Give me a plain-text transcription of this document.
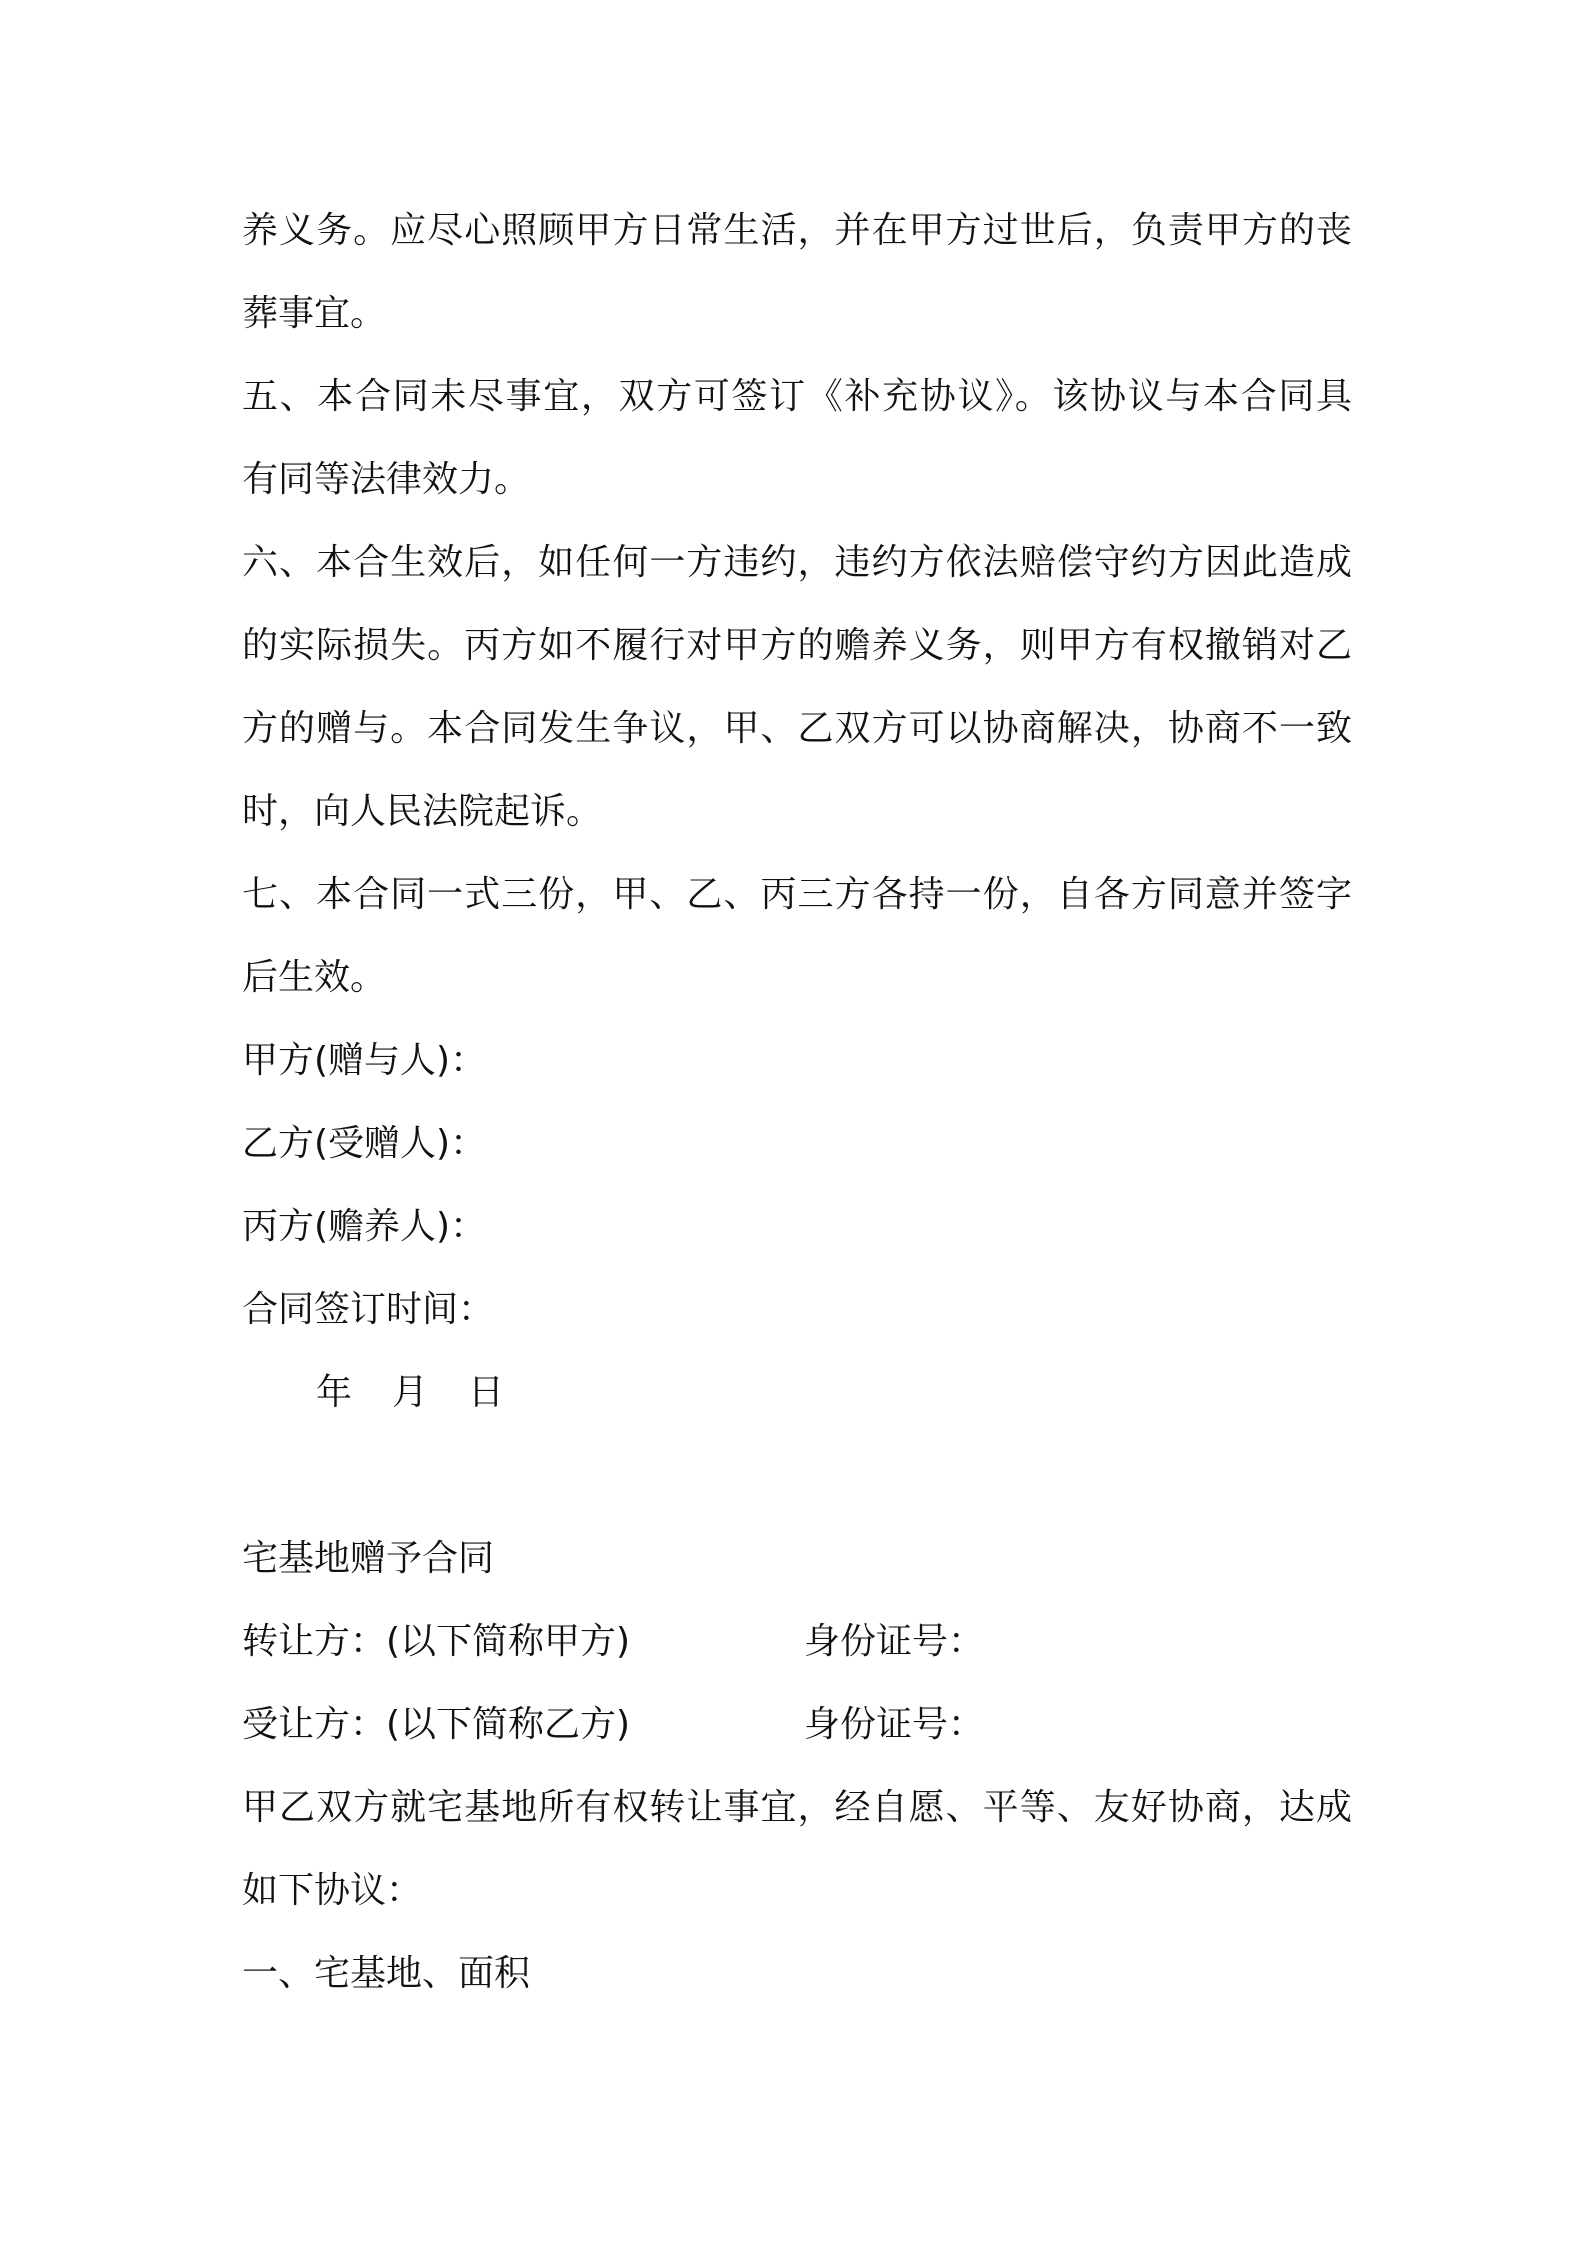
养义务。应尽心照顾甲方日常生活，并在甲方过世后，负责甲方的丧
葬事宜。
五、本合同未尽事宜，双方可签订《补充协议》。该协议与本合同具
有同等法律效力。
六、本合生效后，如任何一方违约，违约方依法赔偿守约方因此造成
的实际损失。丙方如不履行对甲方的赡养义务，则甲方有权撤销对乙
方的赠与。本合同发生争议，甲、乙双方可以协商解决，协商不一致
时，向人民法院起诉。
七、本合同一式三份，甲、乙、丙三方各持一份，自各方同意并签字
后生效。
甲方(赠与人)：
乙方(受赠人)：
丙方(赡养人)：
合同签订时间：
年 月 日
宅基地赠予合同
转让方：(以下简称甲方)	身份证号：
受让方：(以下简称乙方)	身份证号：
甲乙双方就宅基地所有权转让事宜，经自愿、平等、友好协商，达成
如下协议：
一、宅基地、面积
